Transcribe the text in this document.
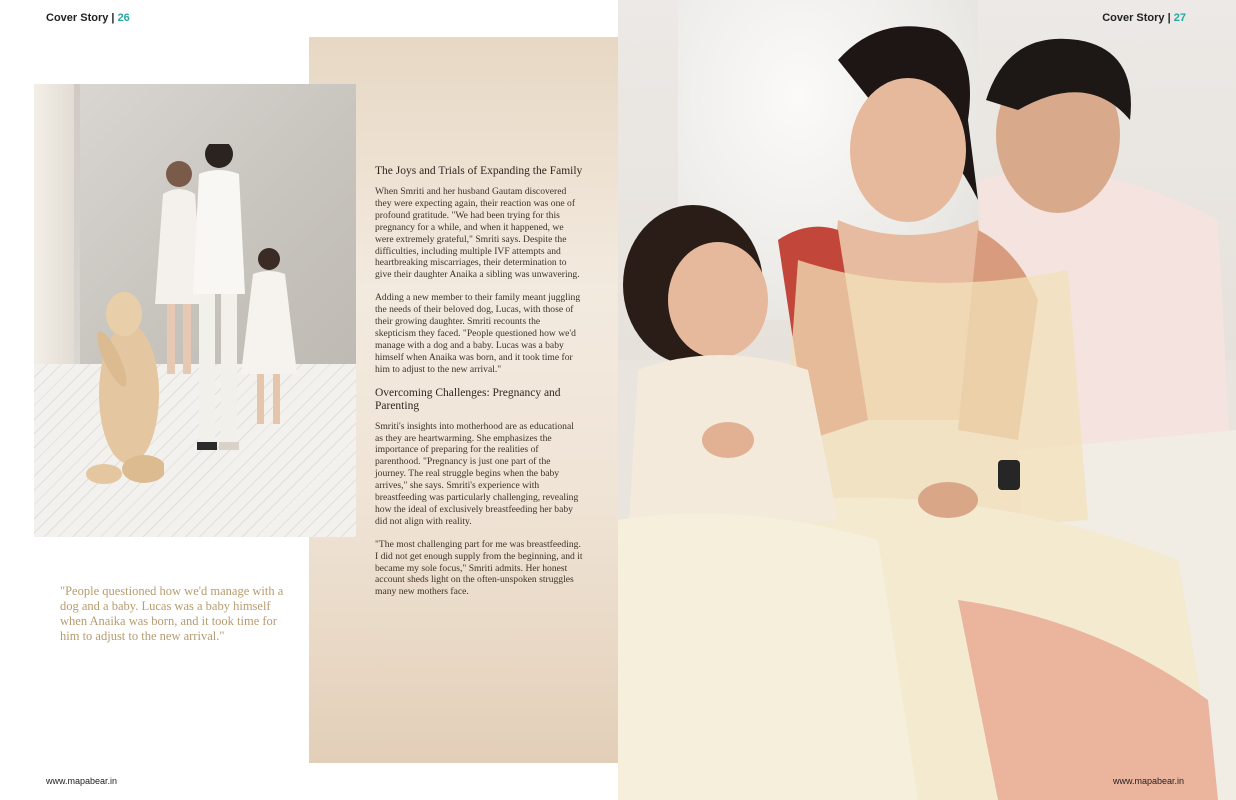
Cover Story | 26
The Joys and Trials of Expanding the Family

When Smriti and her husband Gautam discovered they were expecting again, their reaction was one of profound gratitude. "We had been trying for this pregnancy for a while, and when it happened, we were extremely grateful," Smriti says. Despite the difficulties, including multiple IVF attempts and heartbreaking miscarriages, their determination to give their daughter Anaika a sibling was unwavering.

Adding a new member to their family meant juggling the needs of their beloved dog, Lucas, with those of their growing daughter. Smriti recounts the skepticism they faced. "People questioned how we'd manage with a dog and a baby. Lucas was a baby himself when Anaika was born, and it took time for him to adjust to the new arrival."

Overcoming Challenges: Pregnancy and Parenting

Smriti's insights into motherhood are as educational as they are heartwarming. She emphasizes the importance of preparing for the realities of parenthood. "Pregnancy is just one part of the journey. The real struggle begins when the baby arrives," she says. Smriti's experience with breastfeeding was particularly challenging, revealing how the ideal of exclusively breastfeeding her baby did not align with reality.

"The most challenging part for me was breastfeeding. I did not get enough supply from the beginning, and it became my sole focus," Smriti admits. Her honest account sheds light on the often-unspoken struggles many new mothers face.

"People questioned how we'd manage with a dog and a baby. Lucas was a baby himself when Anaika was born, and it took time for him to adjust to the new arrival."
www.mapabear.in
Cover Story | 27
www.mapabear.in
